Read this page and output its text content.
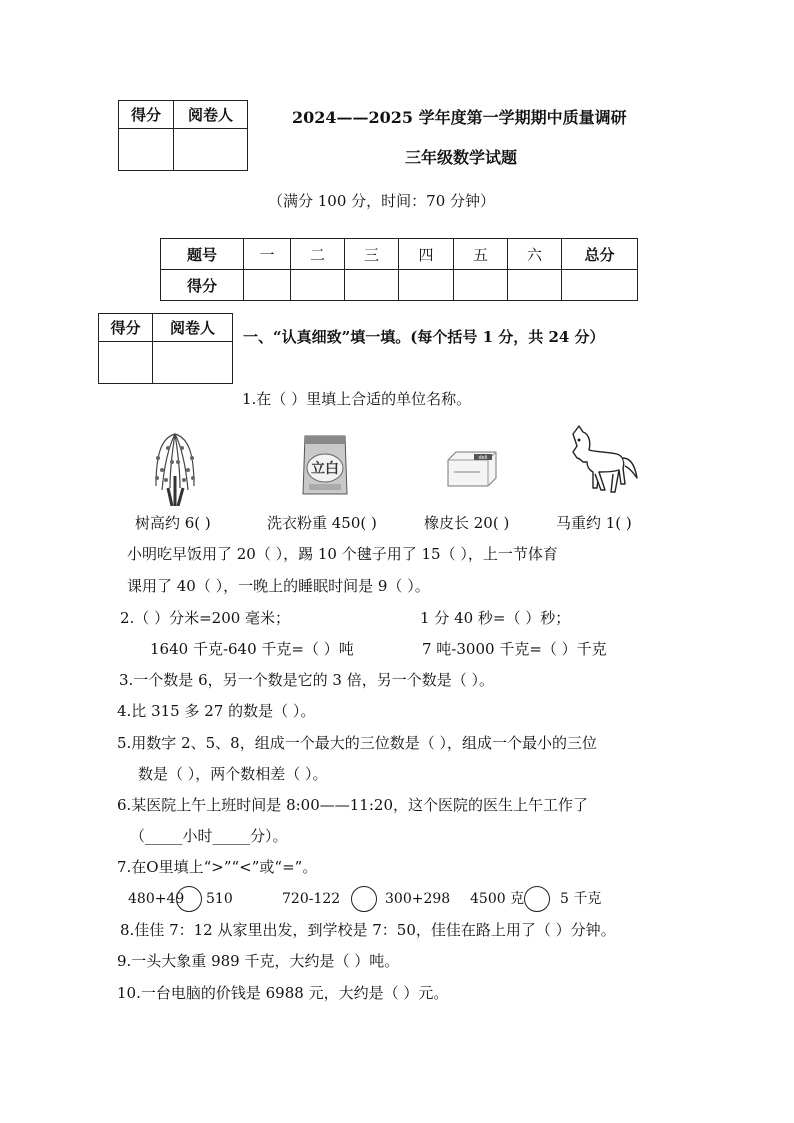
得分	阅卷人
		2024——2025 学年度第一学期期中质量调研
三年级数学试题
（满分 100 分，时间：70 分钟）
题号	一	二	三	四	五	六	总分
得分							
得分	阅卷人
	一、“认真细致”填一填。(每个括号 1 分，共 24 分）
1.在（ ）里填上合适的单位名称。
立白
deli
树高约 6( )	洗衣粉重 450( )	橡皮长 20( )	马重约 1( )
小明吃早饭用了 20（ ），踢 10 个毽子用了 15（ ），上一节体育
课用了 40（ ），一晚上的睡眠时间是 9（ ）。
2.（ ）分米=200 毫米；	1 分 40 秒=（ ）秒；
1640 千克-640 千克=（ ）吨	7 吨-3000 千克=（ ）千克
3.一个数是 6，另一个数是它的 3 倍，另一个数是（ ）。
4.比 315 多 27 的数是（ ）。
5.用数字 2、5、8，组成一个最大的三位数是（ ），组成一个最小的三位
数是（ ），两个数相差（ ）。
6.某医院上午上班时间是 8:00——11:20，这个医院的医生上午工作了
（_____小时_____分）。
7.在O里填上“>”“<”或“=”。
480+49 510	720-122	300+298 4500 克	5 千克
8.佳佳 7：12 从家里出发，到学校是 7：50，佳佳在路上用了（ ）分钟。
9.一头大象重 989 千克，大约是（ ）吨。
10.一台电脑的价钱是 6988 元，大约是（ ）元。
